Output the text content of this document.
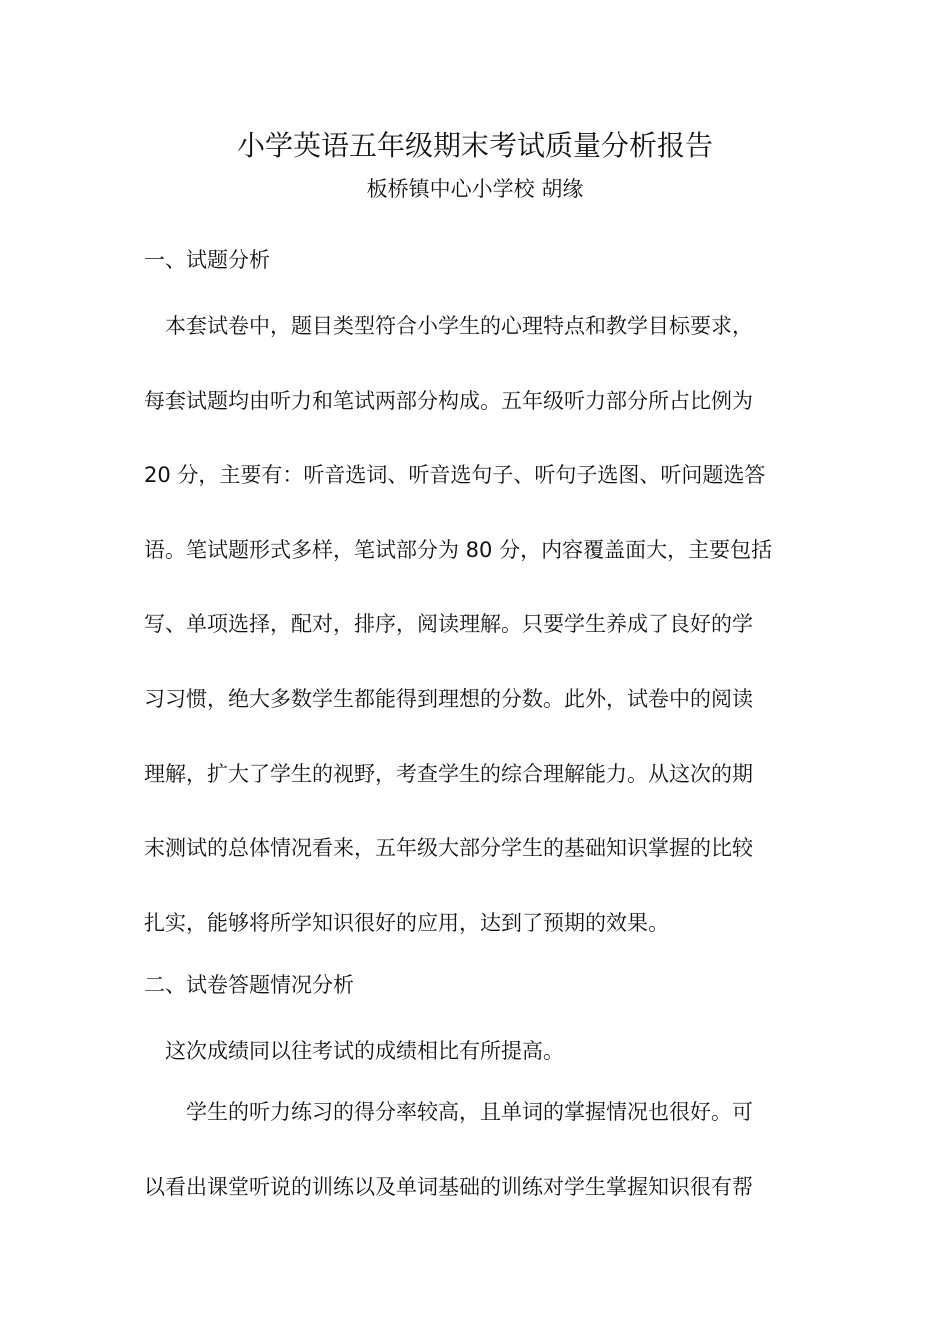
小学英语五年级期末考试质量分析报告
板桥镇中心小学校 胡缘
一、试题分析
　本套试卷中，题目类型符合小学生的心理特点和教学目标要求，
每套试题均由听力和笔试两部分构成。五年级听力部分所占比例为
20 分，主要有：听音选词、听音选句子、听句子选图、听问题选答
语。笔试题形式多样，笔试部分为 80 分，内容覆盖面大，主要包括
写、单项选择，配对，排序，阅读理解。只要学生养成了良好的学
习习惯，绝大多数学生都能得到理想的分数。此外，试卷中的阅读
理解，扩大了学生的视野，考查学生的综合理解能力。从这次的期
末测试的总体情况看来，五年级大部分学生的基础知识掌握的比较
扎实，能够将所学知识很好的应用，达到了预期的效果。
二、试卷答题情况分析
　这次成绩同以往考试的成绩相比有所提高。
　　学生的听力练习的得分率较高，且单词的掌握情况也很好。可
以看出课堂听说的训练以及单词基础的训练对学生掌握知识很有帮
